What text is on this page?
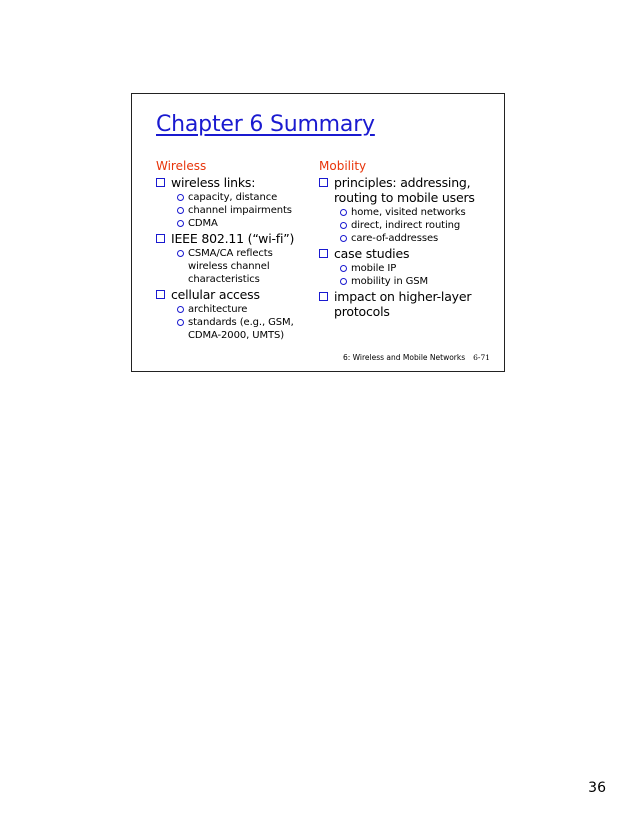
Chapter 6 Summary
Wireless
wireless links:
capacity, distance
channel impairments
CDMA
IEEE 802.11 (“wi-fi”)
CSMA/CA reflects wireless channel characteristics
cellular access
architecture
standards (e.g., GSM, CDMA-2000, UMTS)
Mobility
principles: addressing, routing to mobile users
home, visited networks
direct, indirect routing
care-of-addresses
case studies
mobile IP
mobility in GSM
impact on higher-layer protocols
6: Wireless and Mobile Networks 6-71
36
